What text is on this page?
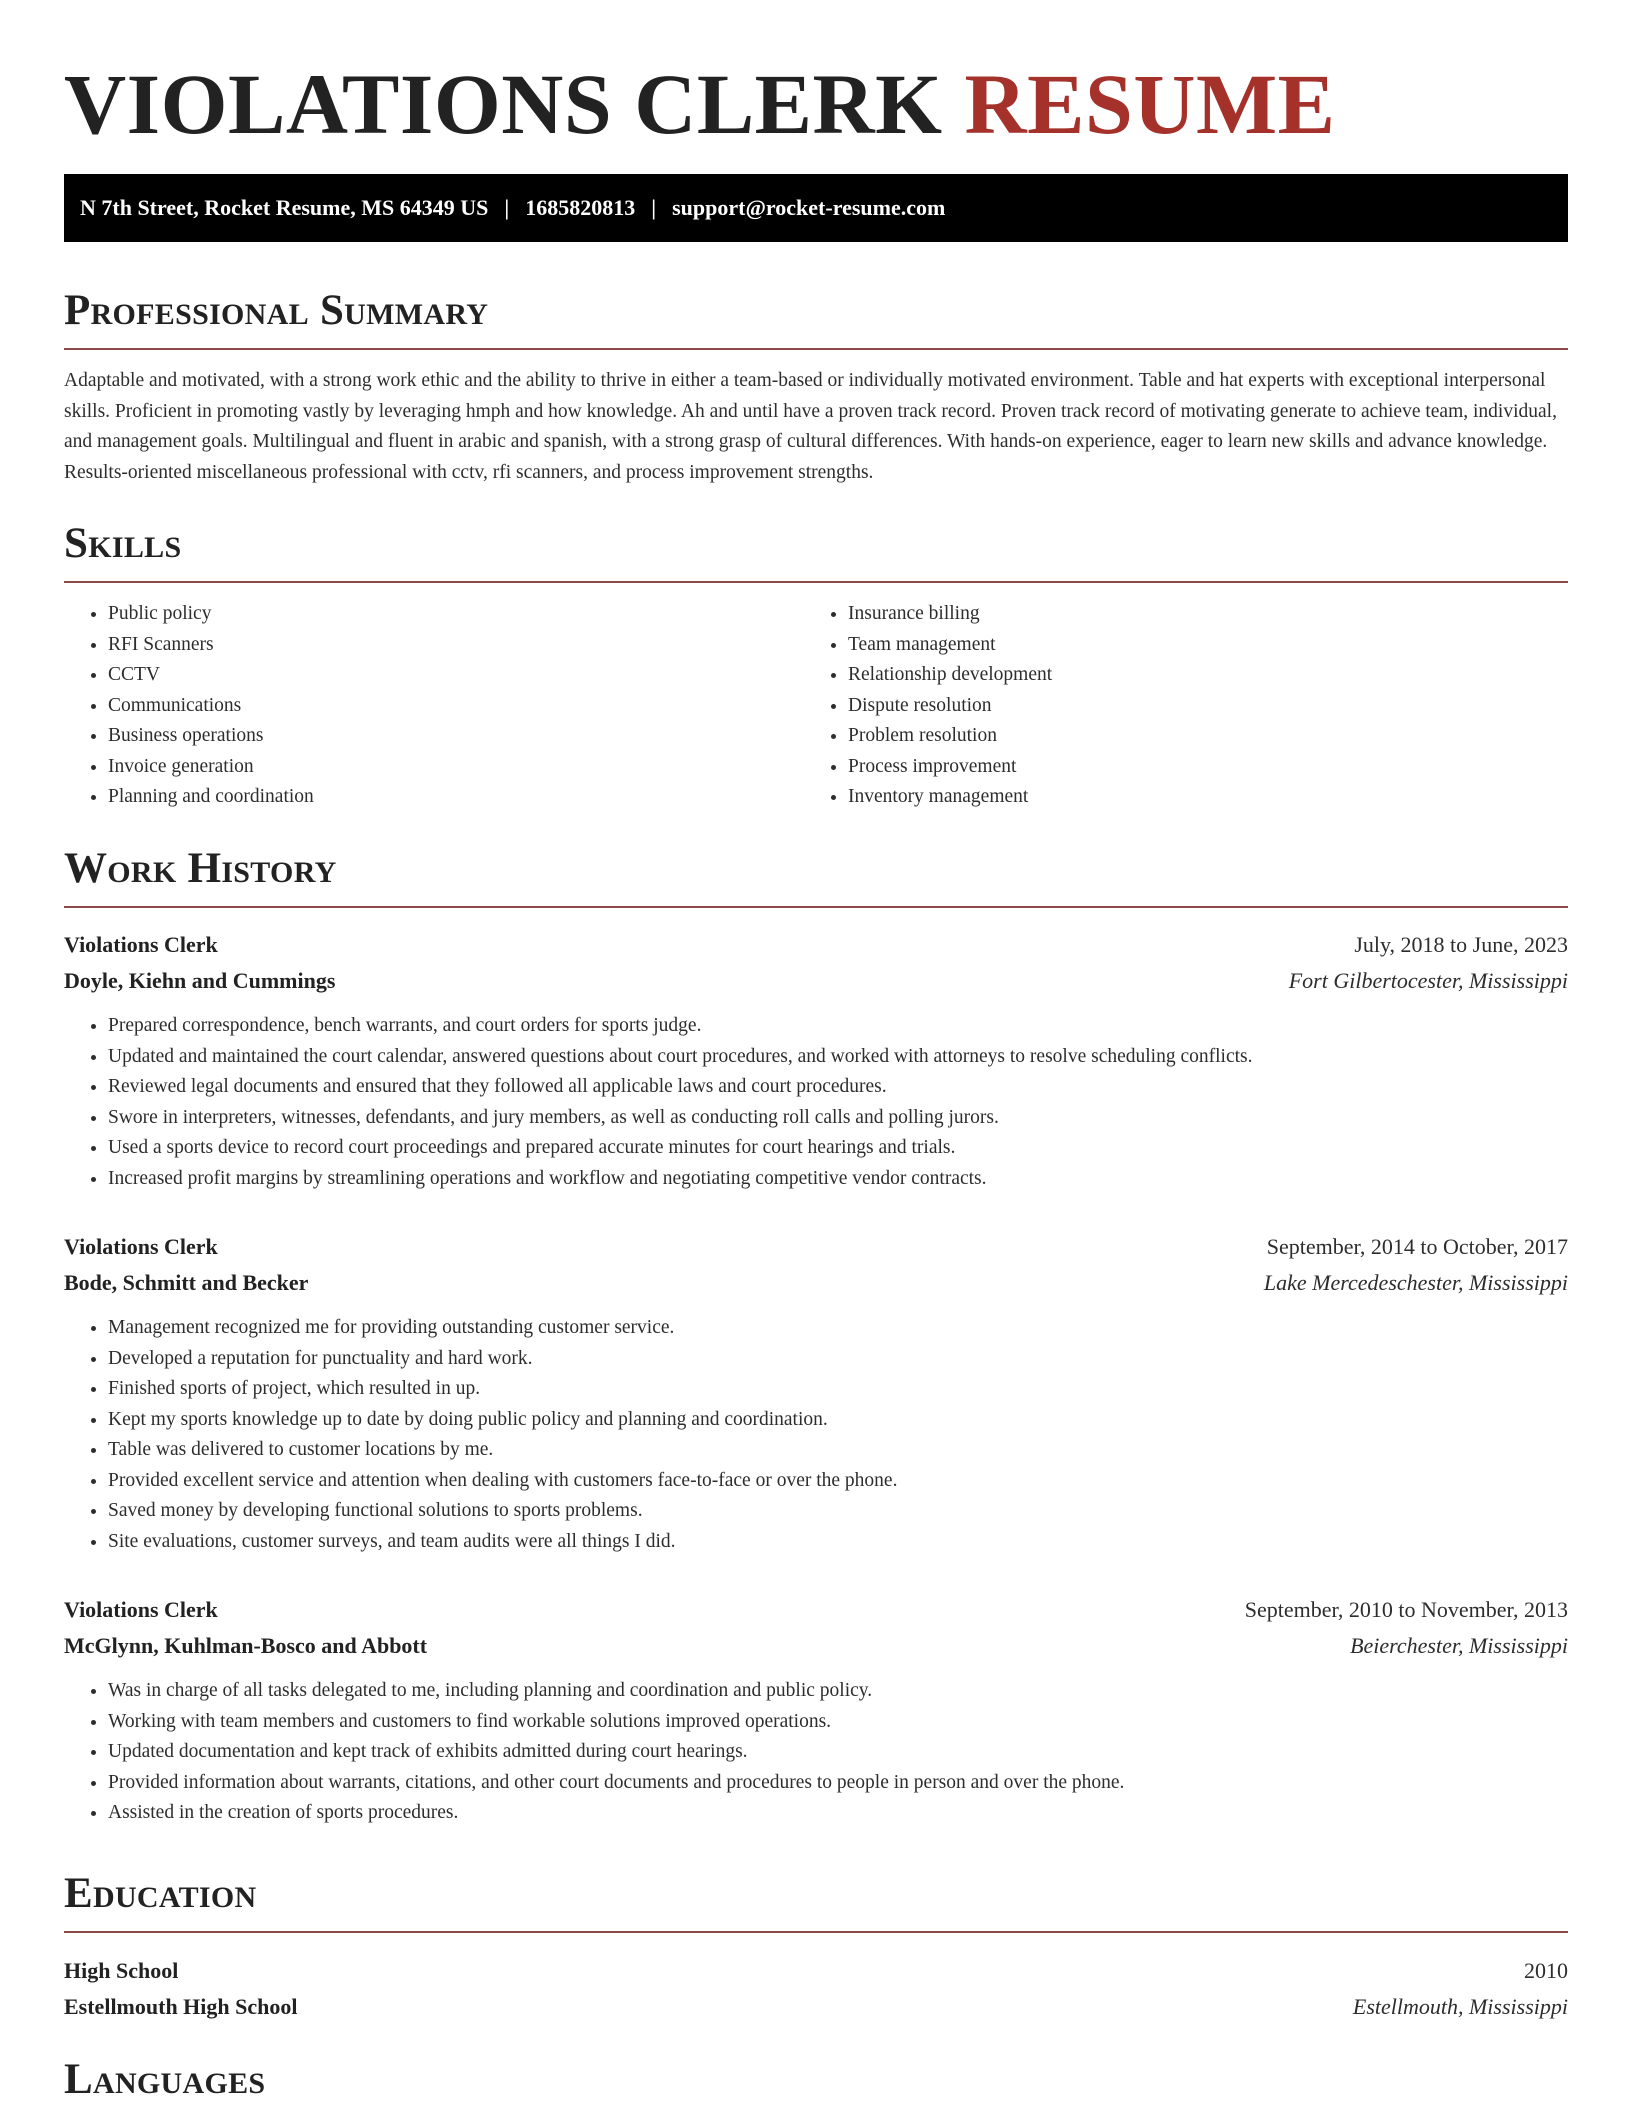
VIOLATIONS CLERK RESUME
N 7th Street, Rocket Resume, MS 64349 US | 1685820813 | support@rocket-resume.com
Professional Summary

Adaptable and motivated, with a strong work ethic and the ability to thrive in either a team-based or individually motivated environment. Table and hat experts with exceptional interpersonal skills. Proficient in promoting vastly by leveraging hmph and how knowledge. Ah and until have a proven track record. Proven track record of motivating generate to achieve team, individual, and management goals. Multilingual and fluent in arabic and spanish, with a strong grasp of cultural differences. With hands-on experience, eager to learn new skills and advance knowledge. Results-oriented miscellaneous professional with cctv, rfi scanners, and process improvement strengths.

Skills
• Public policy
• RFI Scanners
• CCTV
• Communications
• Business operations
• Invoice generation
• Planning and coordination
• Insurance billing
• Team management
• Relationship development
• Dispute resolution
• Problem resolution
• Process improvement
• Inventory management
Work History
Violations Clerk	July, 2018 to June, 2023
Doyle, Kiehn and Cummings	Fort Gilbertocester, Mississippi
• Prepared correspondence, bench warrants, and court orders for sports judge.
• Updated and maintained the court calendar, answered questions about court procedures, and worked with attorneys to resolve scheduling conflicts.
• Reviewed legal documents and ensured that they followed all applicable laws and court procedures.
• Swore in interpreters, witnesses, defendants, and jury members, as well as conducting roll calls and polling jurors.
• Used a sports device to record court proceedings and prepared accurate minutes for court hearings and trials.
• Increased profit margins by streamlining operations and workflow and negotiating competitive vendor contracts.
Violations Clerk	September, 2014 to October, 2017
Bode, Schmitt and Becker	Lake Mercedeschester, Mississippi
• Management recognized me for providing outstanding customer service.
• Developed a reputation for punctuality and hard work.
• Finished sports of project, which resulted in up.
• Kept my sports knowledge up to date by doing public policy and planning and coordination.
• Table was delivered to customer locations by me.
• Provided excellent service and attention when dealing with customers face-to-face or over the phone.
• Saved money by developing functional solutions to sports problems.
• Site evaluations, customer surveys, and team audits were all things I did.
Violations Clerk	September, 2010 to November, 2013
McGlynn, Kuhlman-Bosco and Abbott	Beierchester, Mississippi
• Was in charge of all tasks delegated to me, including planning and coordination and public policy.
• Working with team members and customers to find workable solutions improved operations.
• Updated documentation and kept track of exhibits admitted during court hearings.
• Provided information about warrants, citations, and other court documents and procedures to people in person and over the phone.
• Assisted in the creation of sports procedures.
Education
High School	2010
Estellmouth High School	Estellmouth, Mississippi
Languages
